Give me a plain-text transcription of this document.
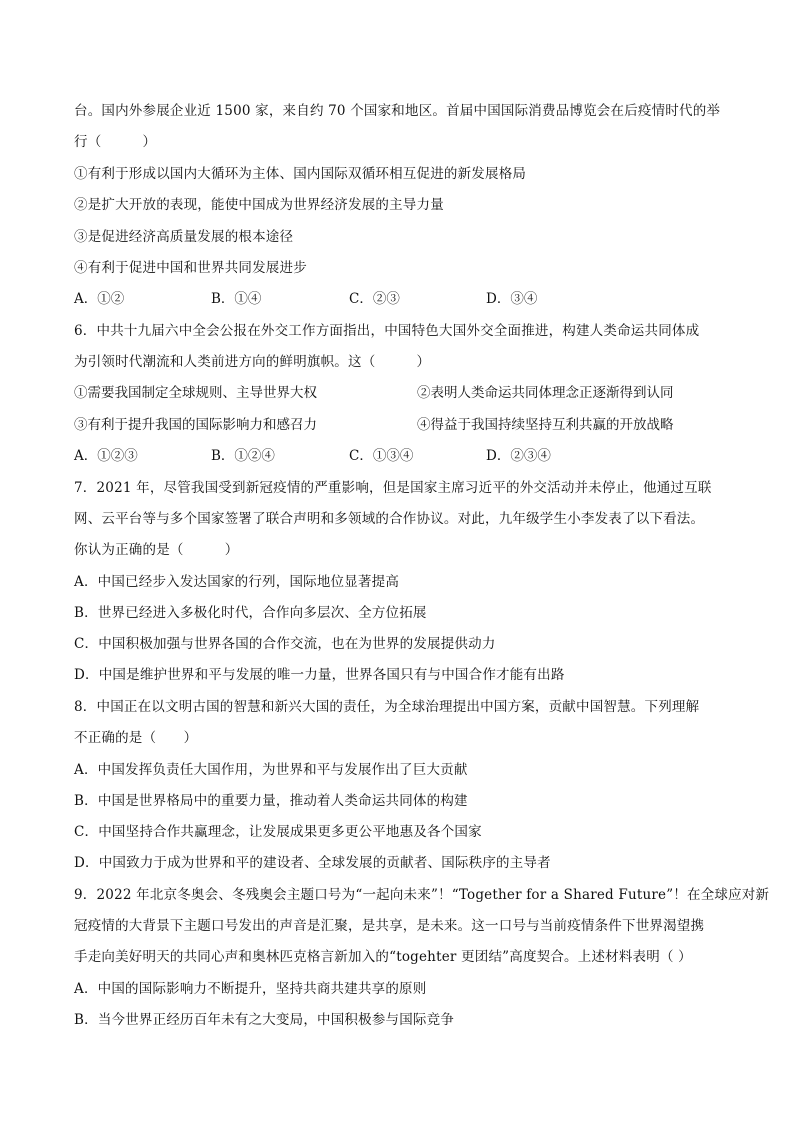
台。国内外参展企业近 1500 家，来自约 70 个国家和地区。首届中国国际消费品博览会在后疫情时代的举
行（　　　）
①有利于形成以国内大循环为主体、国内国际双循环相互促进的新发展格局
②是扩大开放的表现，能使中国成为世界经济发展的主导力量
③是促进经济高质量发展的根本途径
④有利于促进中国和世界共同发展进步
A．①②	B．①④	C．②③	D．③④
6．中共十九届六中全会公报在外交工作方面指出，中国特色大国外交全面推进，构建人类命运共同体成
为引领时代潮流和人类前进方向的鲜明旗帜。这（　　　）
①需要我国制定全球规则、主导世界大权	②表明人类命运共同体理念正逐渐得到认同
③有利于提升我国的国际影响力和感召力	④得益于我国持续坚持互利共赢的开放战略
A．①②③	B．①②④	C．①③④	D．②③④
7．2021 年，尽管我国受到新冠疫情的严重影响，但是国家主席习近平的外交活动并未停止，他通过互联
网、云平台等与多个国家签署了联合声明和多领域的合作协议。对此，九年级学生小李发表了以下看法。
你认为正确的是（　　　）
A．中国已经步入发达国家的行列，国际地位显著提高
B．世界已经进入多极化时代，合作向多层次、全方位拓展
C．中国积极加强与世界各国的合作交流，也在为世界的发展提供动力
D．中国是维护世界和平与发展的唯一力量，世界各国只有与中国合作才能有出路
8．中国正在以文明古国的智慧和新兴大国的责任，为全球治理提出中国方案，贡献中国智慧。下列理解
不正确的是（　　）
A．中国发挥负责任大国作用，为世界和平与发展作出了巨大贡献
B．中国是世界格局中的重要力量，推动着人类命运共同体的构建
C．中国坚持合作共赢理念，让发展成果更多更公平地惠及各个国家
D．中国致力于成为世界和平的建设者、全球发展的贡献者、国际秩序的主导者
9．2022 年北京冬奥会、冬残奥会主题口号为“一起向未来”！“Together for a Shared Future”！在全球应对新
冠疫情的大背景下主题口号发出的声音是汇聚，是共享，是未来。这一口号与当前疫情条件下世界渴望携
手走向美好明天的共同心声和奥林匹克格言新加入的“togehter 更团结”高度契合。上述材料表明（ ）
A．中国的国际影响力不断提升，坚持共商共建共享的原则
B．当今世界正经历百年未有之大变局，中国积极参与国际竞争
